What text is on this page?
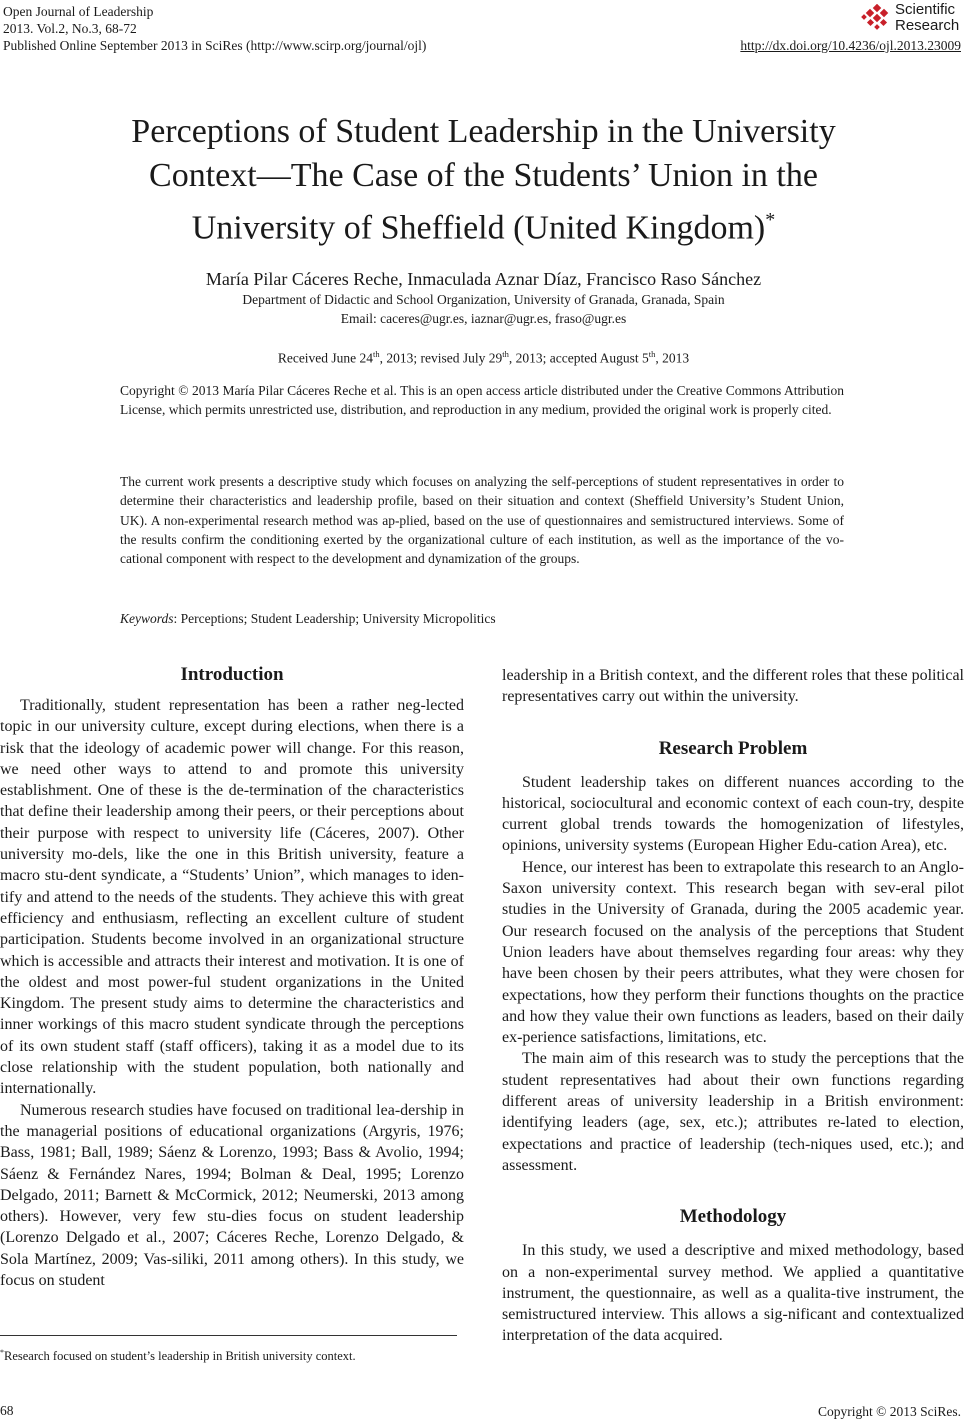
Open Journal of Leadership
2013. Vol.2, No.3, 68-72
Published Online September 2013 in SciRes (http://www.scirp.org/journal/ojl)
Scientific
Research
http://dx.doi.org/10.4236/ojl.2013.23009
Perceptions of Student Leadership in the University
Context—The Case of the Students’ Union in the
University of Sheffield (United Kingdom)*
María Pilar Cáceres Reche, Inmaculada Aznar Díaz, Francisco Raso Sánchez
Department of Didactic and School Organization, University of Granada, Granada, Spain
Email: caceres@ugr.es, iaznar@ugr.es, fraso@ugr.es
Received June 24th, 2013; revised July 29th, 2013; accepted August 5th, 2013
Copyright © 2013 María Pilar Cáceres Reche et al. This is an open access article distributed under the Creative Commons Attribution License, which permits unrestricted use, distribution, and reproduction in any medium, provided the original work is properly cited.
The current work presents a descriptive study which focuses on analyzing the self-perceptions of student representatives in order to determine their characteristics and leadership profile, based on their situation and context (Sheffield University’s Student Union, UK). A non-experimental research method was ap-plied, based on the use of questionnaires and semistructured interviews. Some of the results confirm the conditioning exerted by the organizational culture of each institution, as well as the importance of the vo-cational component with respect to the development and dynamization of the groups.
Keywords: Perceptions; Student Leadership; University Micropolitics
Introduction

Traditionally, student representation has been a rather neg-lected topic in our university culture, except during elections, when there is a risk that the ideology of academic power will change. For this reason, we need other ways to attend to and promote this university establishment. One of these is the de-termination of the characteristics that define their leadership among their peers, or their perceptions about their purpose with respect to university life (Cáceres, 2007). Other university mo-dels, like the one in this British university, feature a macro stu-dent syndicate, a “Students’ Union”, which manages to iden-tify and attend to the needs of the students. They achieve this with great efficiency and enthusiasm, reflecting an excellent culture of student participation. Students become involved in an organizational structure which is accessible and attracts their interest and motivation. It is one of the oldest and most power-ful student organizations in the United Kingdom. The present study aims to determine the characteristics and inner workings of this macro student syndicate through the perceptions of its own student staff (staff officers), taking it as a model due to its close relationship with the student population, both nationally and internationally.

Numerous research studies have focused on traditional lea-dership in the managerial positions of educational organizations (Argyris, 1976; Bass, 1981; Ball, 1989; Sáenz & Lorenzo, 1993; Bass & Avolio, 1994; Sáenz & Fernández Nares, 1994; Bolman & Deal, 1995; Lorenzo Delgado, 2011; Barnett & McCormick, 2012; Neumerski, 2013 among others). However, very few stu-dies focus on student leadership (Lorenzo Delgado et al., 2007; Cáceres Reche, Lorenzo Delgado, & Sola Martínez, 2009; Vas-siliki, 2011 among others). In this study, we focus on student

leadership in a British context, and the different roles that these political representatives carry out within the university.

Research Problem

Student leadership takes on different nuances according to the historical, sociocultural and economic context of each coun-try, despite current global trends towards the homogenization of lifestyles, opinions, university systems (European Higher Edu-cation Area), etc.

Hence, our interest has been to extrapolate this research to an Anglo-Saxon university context. This research began with sev-eral pilot studies in the University of Granada, during the 2005 academic year. Our research focused on the analysis of the perceptions that Student Union leaders have about themselves regarding four areas: why they have been chosen by their peers attributes, what they were chosen for expectations, how they perform their functions thoughts on the practice and how they value their own functions as leaders, based on their daily ex-perience satisfactions, limitations, etc.

The main aim of this research was to study the perceptions that the student representatives had about their own functions regarding different areas of university leadership in a British environment: identifying leaders (age, sex, etc.); attributes re-lated to election, expectations and practice of leadership (tech-niques used, etc.); and assessment.

Methodology

In this study, we used a descriptive and mixed methodology, based on a non-experimental survey method. We applied a quantitative instrument, the questionnaire, as well as a qualita-tive instrument, the semistructured interview. This allows a sig-nificant and contextualized interpretation of the data acquired.

*Research focused on student’s leadership in British university context.
68	Copyright © 2013 SciRes.
